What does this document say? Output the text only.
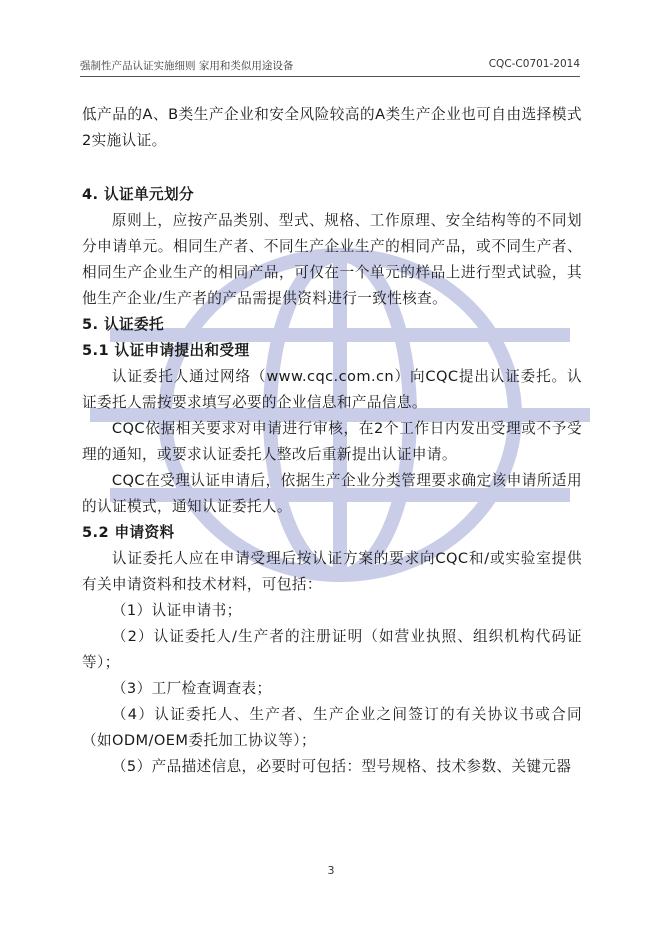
强制性产品认证实施细则 家用和类似用途设备	CQC-C0701-2014

低产品的A、B类生产企业和安全风险较高的A类生产企业也可自由选择模式2实施认证。

4. 认证单元划分

原则上，应按产品类别、型式、规格、工作原理、安全结构等的不同划分申请单元。相同生产者、不同生产企业生产的相同产品，或不同生产者、相同生产企业生产的相同产品，可仅在一个单元的样品上进行型式试验，其他生产企业/生产者的产品需提供资料进行一致性核查。

5. 认证委托

5.1 认证申请提出和受理

认证委托人通过网络（www.cqc.com.cn）向CQC提出认证委托。认证委托人需按要求填写必要的企业信息和产品信息。

CQC依据相关要求对申请进行审核，在2个工作日内发出受理或不予受理的通知，或要求认证委托人整改后重新提出认证申请。

CQC在受理认证申请后，依据生产企业分类管理要求确定该申请所适用的认证模式，通知认证委托人。

5.2 申请资料

认证委托人应在申请受理后按认证方案的要求向CQC和/或实验室提供有关申请资料和技术材料，可包括：

（1）认证申请书；

（2）认证委托人/生产者的注册证明（如营业执照、组织机构代码证等）；

（3）工厂检查调查表；

（4）认证委托人、生产者、生产企业之间签订的有关协议书或合同（如ODM/OEM委托加工协议等）；

（5）产品描述信息，必要时可包括：型号规格、技术参数、关键元器

3
